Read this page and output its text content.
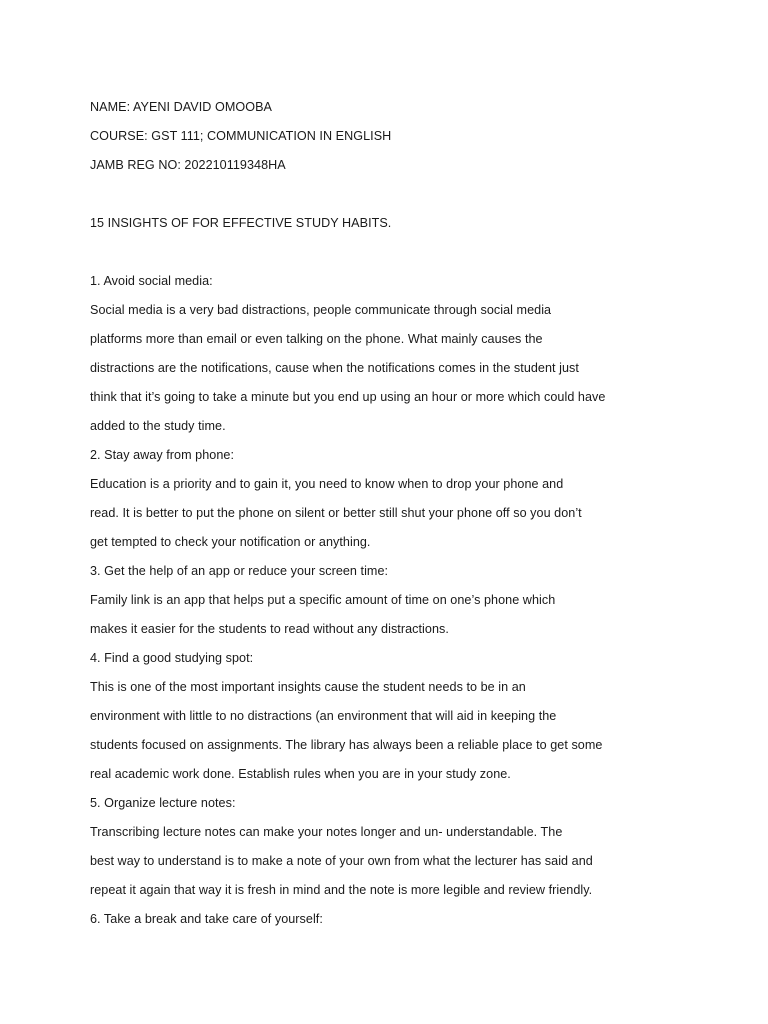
NAME: AYENI DAVID OMOOBA
COURSE: GST 111; COMMUNICATION IN ENGLISH
JAMB REG NO: 202210119348HA
15 INSIGHTS OF FOR EFFECTIVE STUDY HABITS.
1. Avoid social media:
Social media is a very bad distractions, people communicate through social media
platforms more than email or even talking on the phone. What mainly causes the
distractions are the notifications, cause when the notifications comes in the student just
think that it’s going to take a minute but you end up using an hour or more which could have
added to the study time.
2. Stay away from phone:
Education is a priority and to gain it, you need to know when to drop your phone and
read. It is better to put the phone on silent or better still shut your phone off so you don’t
get tempted to check your notification or anything.
3. Get the help of an app or reduce your screen time:
Family link is an app that helps put a specific amount of time on one’s phone which
makes it easier for the students to read without any distractions.
4. Find a good studying spot:
This is one of the most important insights cause the student needs to be in an
environment with little to no distractions (an environment that will aid in keeping the
students focused on assignments. The library has always been a reliable place to get some
real academic work done. Establish rules when you are in your study zone.
5. Organize lecture notes:
Transcribing lecture notes can make your notes longer and un- understandable. The
best way to understand is to make a note of your own from what the lecturer has said and
repeat it again that way it is fresh in mind and the note is more legible and review friendly.
6. Take a break and take care of yourself:
